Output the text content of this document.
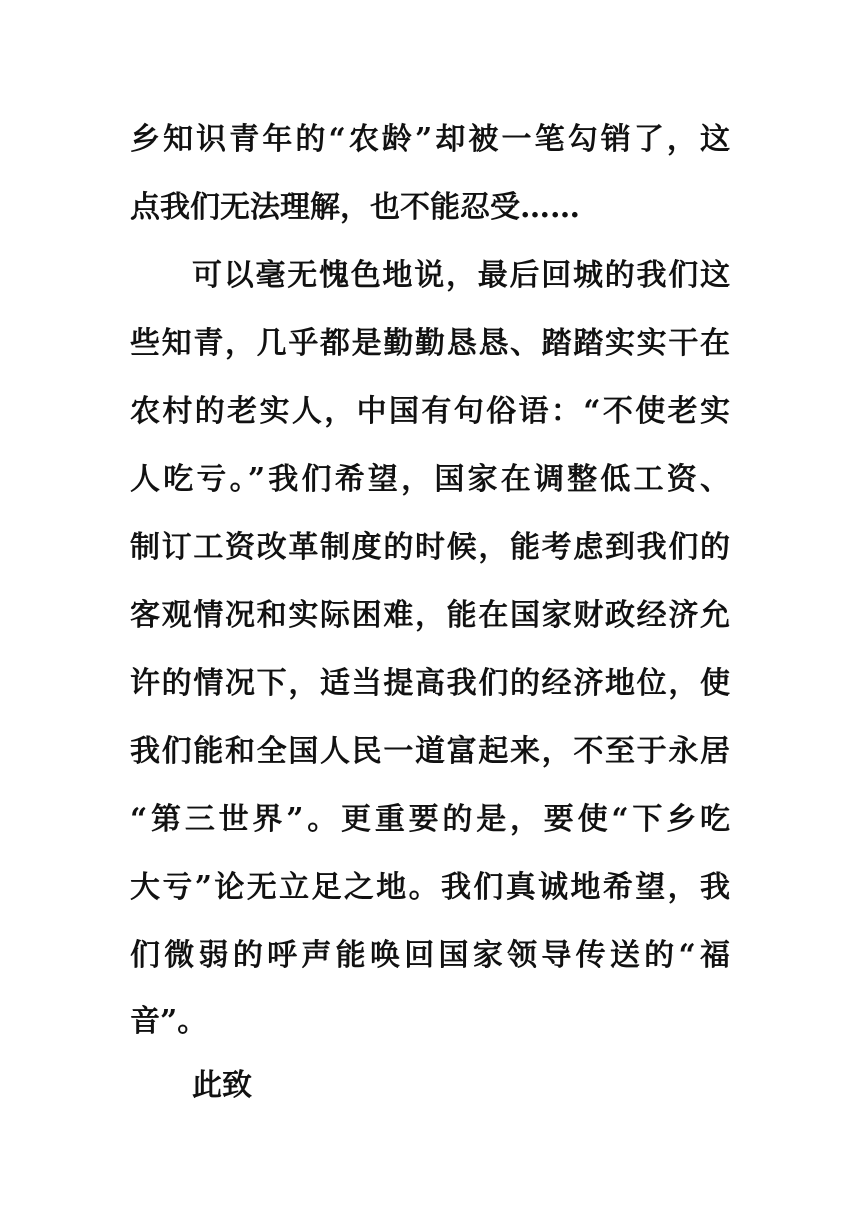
乡知识青年的“农龄”却被一笔勾销了，这
点我们无法理解，也不能忍受……
可以毫无愧色地说，最后回城的我们这
些知青，几乎都是勤勤恳恳、踏踏实实干在
农村的老实人，中国有句俗语：“不使老实
人吃亏。”我们希望，国家在调整低工资、
制订工资改革制度的时候，能考虑到我们的
客观情况和实际困难，能在国家财政经济允
许的情况下，适当提高我们的经济地位，使
我们能和全国人民一道富起来，不至于永居
“第三世界”。更重要的是，要使“下乡吃
大亏”论无立足之地。我们真诚地希望，我
们微弱的呼声能唤回国家领导传送的“福
音”。
此致
